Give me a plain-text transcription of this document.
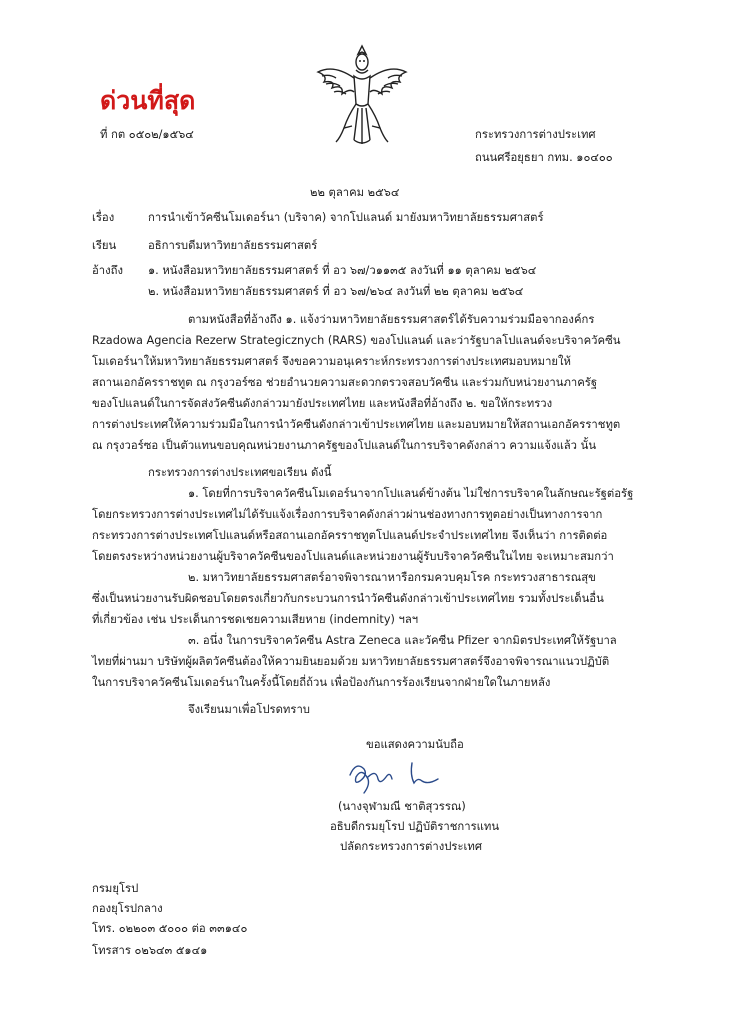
ด่วนที่สุด
ที่ กต ๐๕๐๒/๑๕๖๔	กระทรวงการต่างประเทศ
ถนนศรีอยุธยา กทม. ๑๐๔๐๐
๒๒ ตุลาคม ๒๕๖๔
เรื่อง	การนำเข้าวัคซีนโมเดอร์นา (บริจาค) จากโปแลนด์ มายังมหาวิทยาลัยธรรมศาสตร์
เรียน	อธิการบดีมหาวิทยาลัยธรรมศาสตร์
อ้างถึง ๑. หนังสือมหาวิทยาลัยธรรมศาสตร์ ที่ อว ๖๗/ว๑๑๓๕ ลงวันที่ ๑๑ ตุลาคม ๒๕๖๔
๒. หนังสือมหาวิทยาลัยธรรมศาสตร์ ที่ อว ๖๗/๒๖๔ ลงวันที่ ๒๒ ตุลาคม ๒๕๖๔
ตามหนังสือที่อ้างถึง ๑. แจ้งว่ามหาวิทยาลัยธรรมศาสตร์ได้รับความร่วมมือจากองค์กร
Rzadowa Agencia Rezerw Strategicznych (RARS) ของโปแลนด์ และว่ารัฐบาลโปแลนด์จะบริจาควัคซีน
โมเดอร์นาให้มหาวิทยาลัยธรรมศาสตร์ จึงขอความอนุเคราะห์กระทรวงการต่างประเทศมอบหมายให้
สถานเอกอัครราชทูต ณ กรุงวอร์ซอ ช่วยอำนวยความสะดวกตรวจสอบวัคซีน และร่วมกับหน่วยงานภาครัฐ
ของโปแลนด์ในการจัดส่งวัคซีนดังกล่าวมายังประเทศไทย และหนังสือที่อ้างถึง ๒. ขอให้กระทรวง
การต่างประเทศให้ความร่วมมือในการนำวัคซีนดังกล่าวเข้าประเทศไทย และมอบหมายให้สถานเอกอัครราชทูต
ณ กรุงวอร์ซอ เป็นตัวแทนขอบคุณหน่วยงานภาครัฐของโปแลนด์ในการบริจาคดังกล่าว ความแจ้งแล้ว นั้น
กระทรวงการต่างประเทศขอเรียน ดังนี้
๑. โดยที่การบริจาควัคซีนโมเดอร์นาจากโปแลนด์ข้างต้น ไม่ใช่การบริจาคในลักษณะรัฐต่อรัฐ
โดยกระทรวงการต่างประเทศไม่ได้รับแจ้งเรื่องการบริจาคดังกล่าวผ่านช่องทางการทูตอย่างเป็นทางการจาก
กระทรวงการต่างประเทศโปแลนด์หรือสถานเอกอัครราชทูตโปแลนด์ประจำประเทศไทย จึงเห็นว่า การติดต่อ
โดยตรงระหว่างหน่วยงานผู้บริจาควัคซีนของโปแลนด์และหน่วยงานผู้รับบริจาควัคซีนในไทย จะเหมาะสมกว่า
๒. มหาวิทยาลัยธรรมศาสตร์อาจพิจารณาหารือกรมควบคุมโรค กระทรวงสาธารณสุข
ซึ่งเป็นหน่วยงานรับผิดชอบโดยตรงเกี่ยวกับกระบวนการนำวัคซีนดังกล่าวเข้าประเทศไทย รวมทั้งประเด็นอื่น
ที่เกี่ยวข้อง เช่น ประเด็นการชดเชยความเสียหาย (indemnity) ฯลฯ
๓. อนึ่ง ในการบริจาควัคซีน Astra Zeneca และวัคซีน Pfizer จากมิตรประเทศให้รัฐบาล
ไทยที่ผ่านมา บริษัทผู้ผลิตวัคซีนต้องให้ความยินยอมด้วย มหาวิทยาลัยธรรมศาสตร์จึงอาจพิจารณาแนวปฏิบัติ
ในการบริจาควัคซีนโมเดอร์นาในครั้งนี้โดยถี่ถ้วน เพื่อป้องกันการร้องเรียนจากฝ่ายใดในภายหลัง
จึงเรียนมาเพื่อโปรดทราบ
ขอแสดงความนับถือ
(นางจุฬามณี ชาติสุวรรณ)
อธิบดีกรมยุโรป ปฏิบัติราชการแทน
ปลัดกระทรวงการต่างประเทศ
กรมยุโรป
กองยุโรปกลาง
โทร. ๐๒๒๐๓ ๕๐๐๐ ต่อ ๓๓๑๔๐
โทรสาร ๐๒๖๔๓ ๕๑๔๑
